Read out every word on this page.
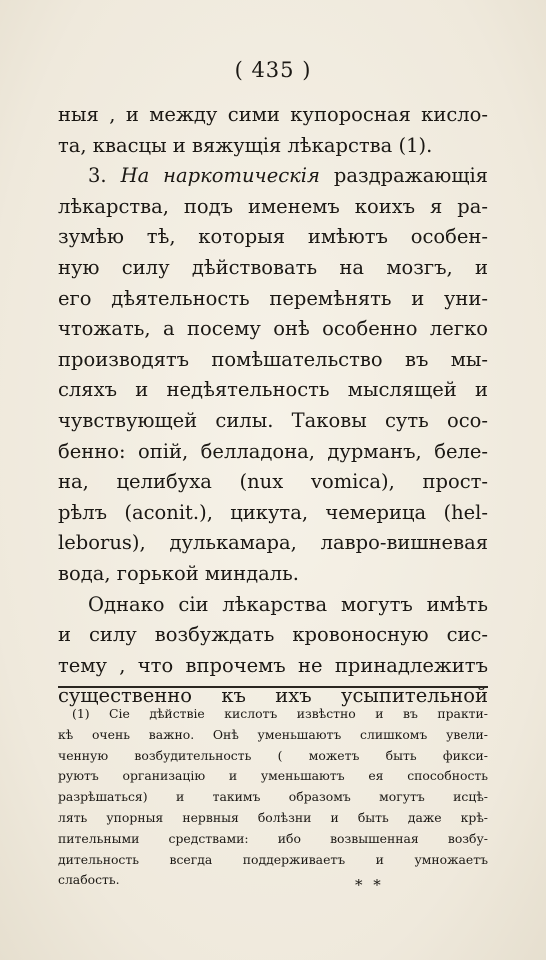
( 435 )
ныя , и между сими купоросная кисло-
та, квасцы и вяжущія лѣкарства (1).
3. На наркотическія раздражающія
лѣкарства, подъ именемъ коихъ я ра-
зумѣю тѣ, которыя имѣютъ особен-
ную силу дѣйствовать на мозгъ, и
его дѣятельность перемѣнять и уни-
чтожать, а посему онѣ особенно легко
производятъ помѣшательство въ мы-
сляхъ и недѣятельность мыслящей и
чувствующей силы. Таковы суть осо-
бенно: опій, белладона, дурманъ, беле-
на, целибуха (nux vomica), прост-
рѣлъ (aconit.), цикута, чемерица (hel-
leborus), дулькамара, лавро-вишневая
вода, горькой миндаль.
Однако сіи лѣкарства могутъ имѣть
и силу возбуждать кровоносную сис-
тему , что впрочемъ не принадлежитъ
существенно къ ихъ усыпительной
(1) Сіе дѣйствіе кислотъ извѣстно и въ практи-
кѣ очень важно. Онѣ уменьшаютъ слишкомъ увели-
ченную возбудительность ( можетъ быть фикси-
руютъ организацію и уменьшаютъ ея способность
разрѣшаться) и такимъ образомъ могутъ исцѣ-
лять упорныя нервныя болѣзни и быть даже крѣ-
пительными средствами: ибо возвышенная возбу-
дительность всегда поддерживаетъ и умножаетъ
слабость.	* *
